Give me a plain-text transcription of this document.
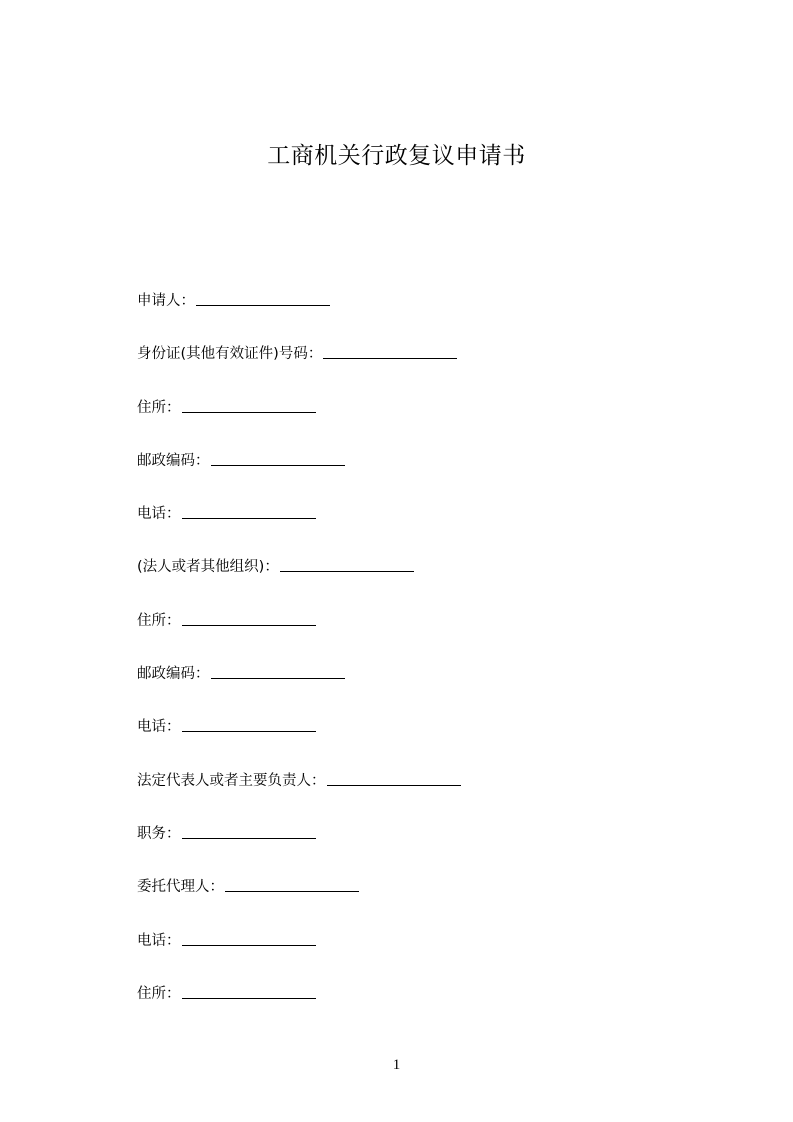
工商机关行政复议申请书
申请人：
身份证(其他有效证件)号码：
住所：
邮政编码：
电话：
(法人或者其他组织)：
住所：
邮政编码：
电话：
法定代表人或者主要负责人：
职务：
委托代理人：
电话：
住所：
1
